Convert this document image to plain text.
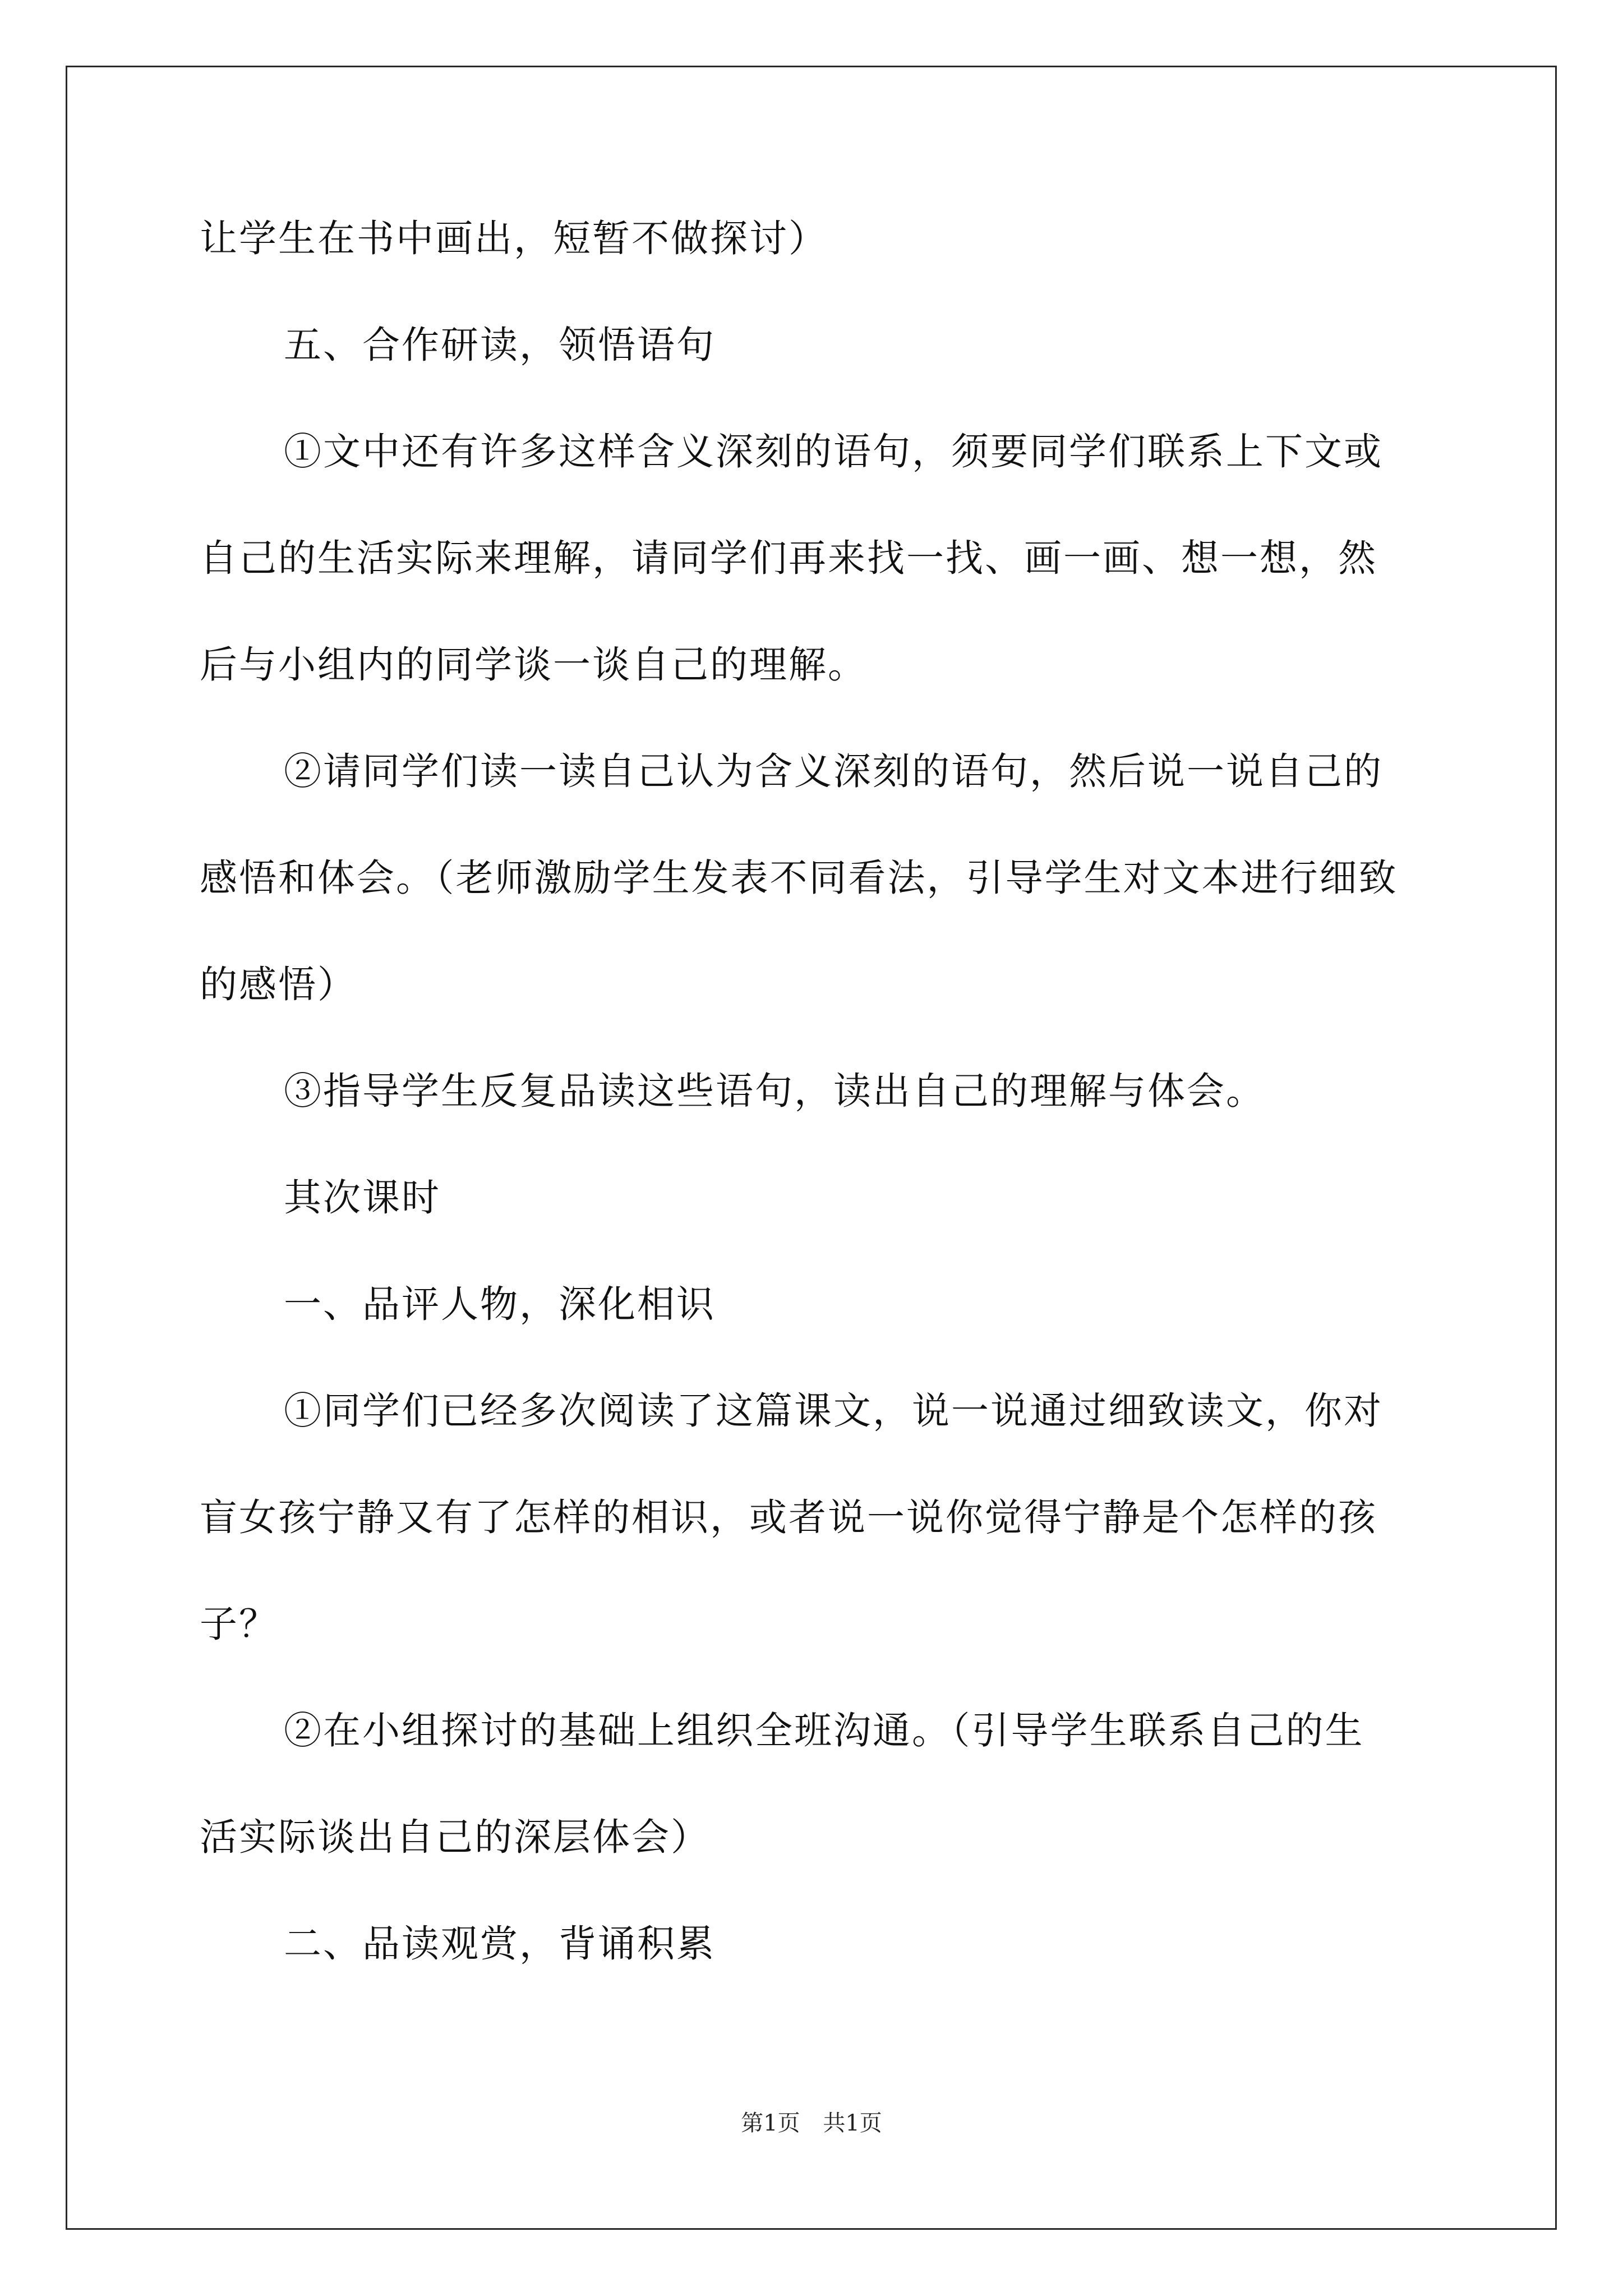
让学生在书中画出，短暂不做探讨）
五、合作研读，领悟语句
①文中还有许多这样含义深刻的语句，须要同学们联系上下文或
自己的生活实际来理解，请同学们再来找一找、画一画、想一想，然
后与小组内的同学谈一谈自己的理解。
②请同学们读一读自己认为含义深刻的语句，然后说一说自己的
感悟和体会。（老师激励学生发表不同看法，引导学生对文本进行细致
的感悟）
③指导学生反复品读这些语句，读出自己的理解与体会。
其次课时
一、品评人物，深化相识
①同学们已经多次阅读了这篇课文，说一说通过细致读文，你对
盲女孩宁静又有了怎样的相识，或者说一说你觉得宁静是个怎样的孩
子？
②在小组探讨的基础上组织全班沟通。（引导学生联系自己的生
活实际谈出自己的深层体会）
二、品读观赏，背诵积累
第1页 共1页
